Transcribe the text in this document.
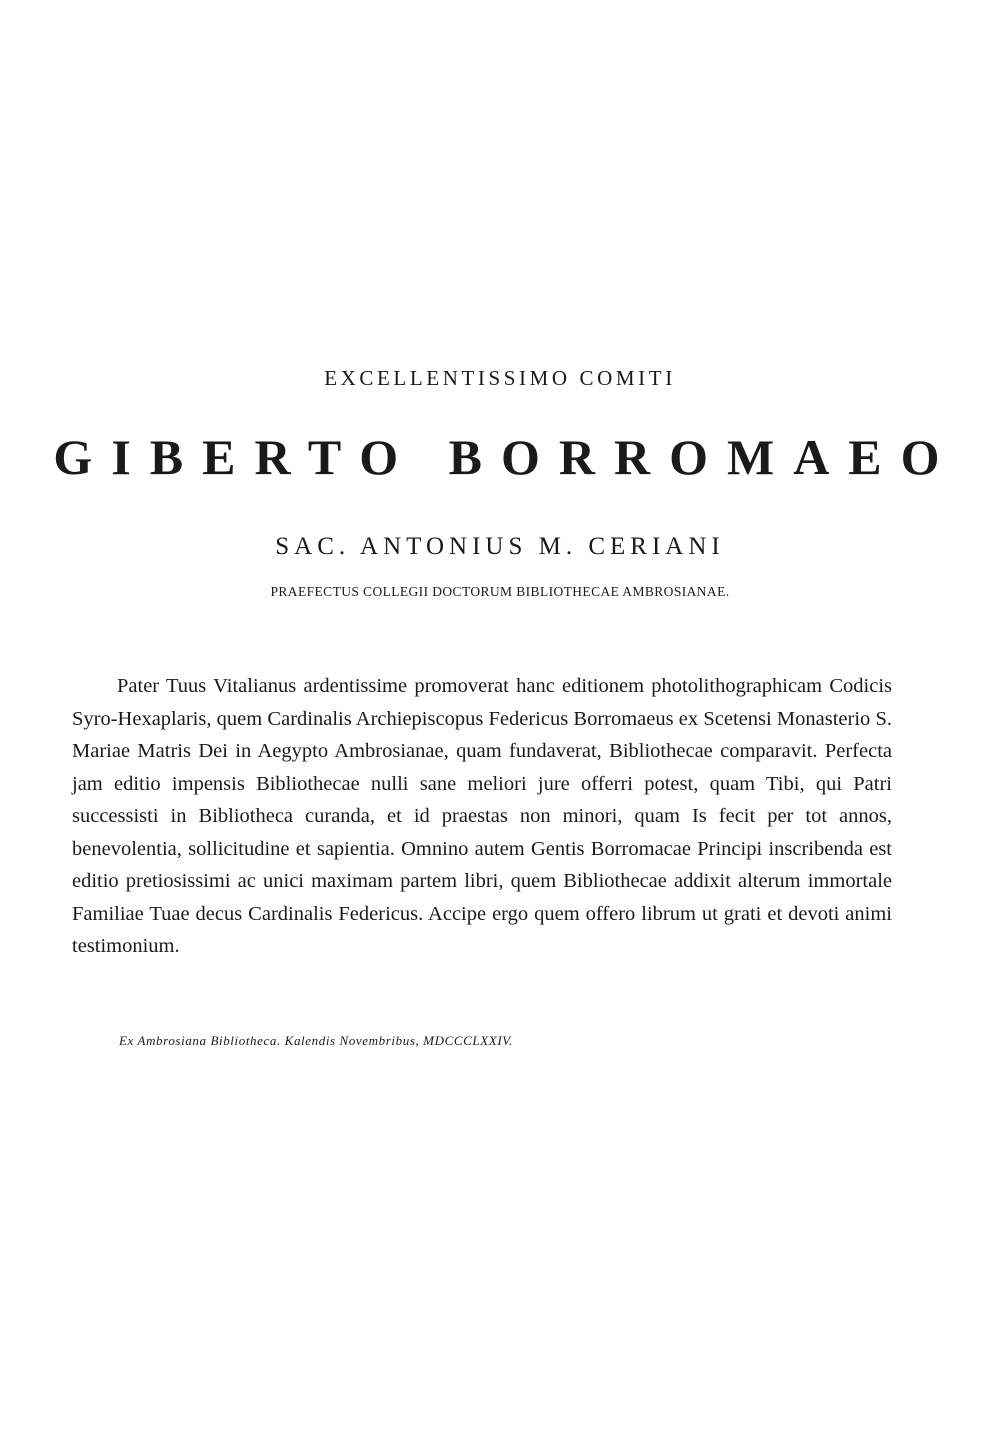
EXCELLENTISSIMO COMITI
GIBERTO BORROMAEO
SAC. ANTONIUS M. CERIANI
PRAEFECTUS COLLEGII DOCTORUM BIBLIOTHECAE AMBROSIANAE.

Pater Tuus Vitalianus ardentissime promoverat hanc editionem photolithographicam Codicis Syro-Hexaplaris, quem Cardinalis Archiepiscopus Federicus Borromaeus ex Scetensi Monasterio S. Mariae Matris Dei in Aegypto Ambrosianae, quam fundaverat, Bibliothecae comparavit. Perfecta jam editio impensis Bibliothecae nulli sane meliori jure offerri potest, quam Tibi, qui Patri successisti in Bibliotheca curanda, et id praestas non minori, quam Is fecit per tot annos, benevolentia, sollicitudine et sapientia. Omnino autem Gentis Borromacae Principi inscribenda est editio pretiosissimi ac unici maximam partem libri, quem Bibliothecae addixit alterum immortale Familiae Tuae decus Cardinalis Federicus. Accipe ergo quem offero librum ut grati et devoti animi testimonium.

Ex Ambrosiana Bibliotheca. Kalendis Novembribus, MDCCCLXXIV.
